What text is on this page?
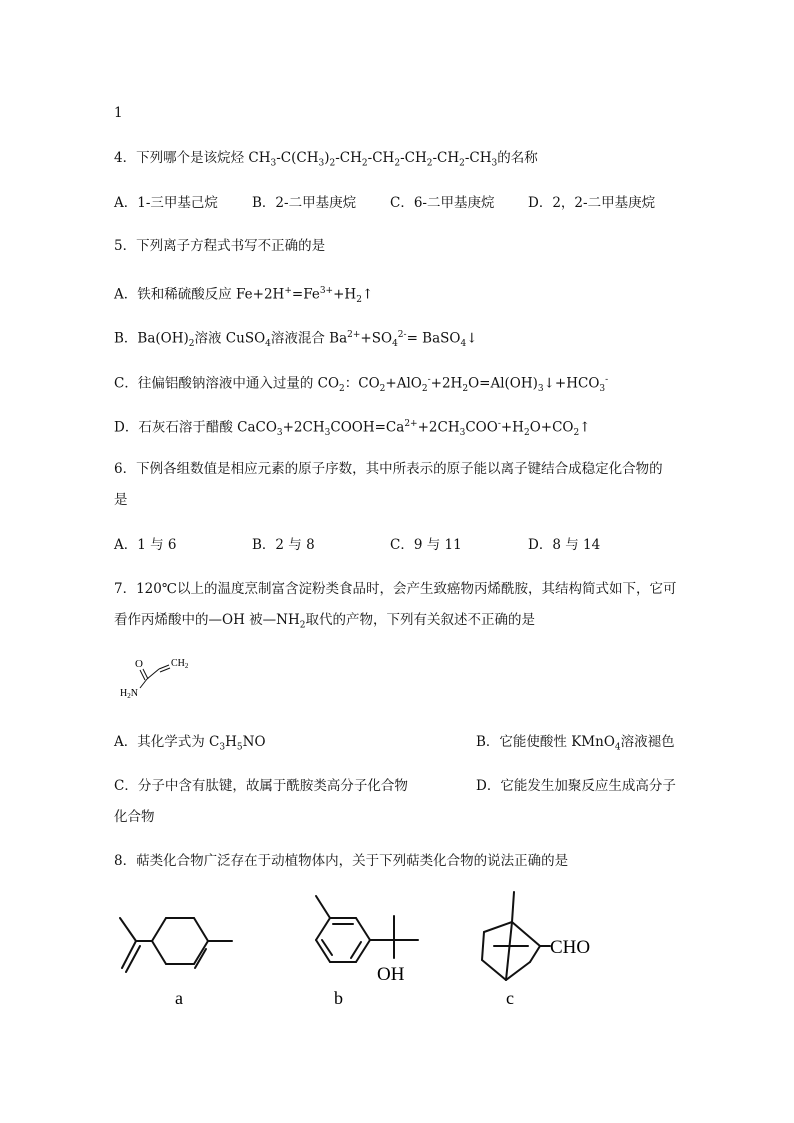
1
4．下列哪个是该烷烃 $CH_3-C(CH_3)_2-CH_2-CH_2-CH_2-CH_2-CH_3$的名称
A．1-三甲基己烷	B．2-二甲基庚烷	C．6-二甲基庚烷 D．2，2-二甲基庚烷
5．下列离子方程式书写不正确的是
A．铁和稀硫酸反应 $Fe+2H^+=Fe^{3+}+H_2↑$
B．$Ba(OH)_2$溶液 CuSO$_4$溶液混合 $Ba^{2+}+SO_4^{2-}=$ BaSO$_4$↓
C．往偏铝酸钠溶液中通入过量的 $CO_2$：$CO_2+AlO_2^-+2H_2O=Al(OH)_3↓+HCO_3^-$
D．石灰石溶于醋酸 $CaCO_3+2CH_3COOH=Ca^{2+}+2CH_3COO^-+H_2O+CO_2↑$
6．下例各组数值是相应元素的原子序数，其中所表示的原子能以离子键结合成稳定化合物的
是
A．1 与 6	B．2 与 8	C．9 与 11	D．8 与 14
7．120℃以上的温度烹制富含淀粉类食品时，会产生致癌物丙烯酰胺，其结构简式如下，它可
看作丙烯酸中的—OH 被$—NH_2$取代的产物，下列有关叙述不正确的是
O	$CH_2$
$H_2N$
A．其化学式为 $C_3H_5NO$	B．它能使酸性 KMnO$_4$溶液褪色
C．分子中含有肽键，故属于酰胺类高分子化合物	D．它能发生加聚反应生成高分子
化合物
8．萜类化合物广泛存在于动植物体内，关于下列萜类化合物的说法正确的是
a
OH
b
CHO
c
